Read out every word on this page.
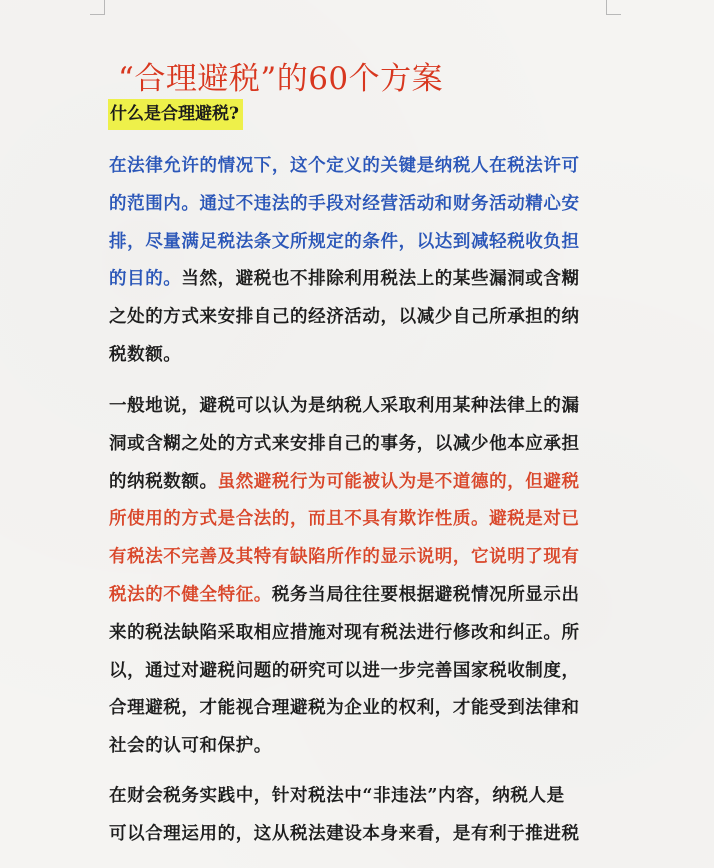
“合理避税”的60个方案
什么是合理避税?
在法律允许的情况下，这个定义的关键是纳税人在税法许可
的范围内。通过不违法的手段对经营活动和财务活动精心安
排，尽量满足税法条文所规定的条件，以达到减轻税收负担
的目的。当然，避税也不排除利用税法上的某些漏洞或含糊
之处的方式来安排自己的经济活动，以减少自己所承担的纳
税数额。
一般地说，避税可以认为是纳税人采取利用某种法律上的漏
洞或含糊之处的方式来安排自己的事务，以减少他本应承担
的纳税数额。虽然避税行为可能被认为是不道德的，但避税
所使用的方式是合法的，而且不具有欺诈性质。避税是对已
有税法不完善及其特有缺陷所作的显示说明，它说明了现有
税法的不健全特征。税务当局往往要根据避税情况所显示出
来的税法缺陷采取相应措施对现有税法进行修改和纠正。所
以，通过对避税问题的研究可以进一步完善国家税收制度，
合理避税，才能视合理避税为企业的权利，才能受到法律和
社会的认可和保护。
在财会税务实践中，针对税法中“非违法”内容，纳税人是
可以合理运用的，这从税法建设本身来看，是有利于推进税
